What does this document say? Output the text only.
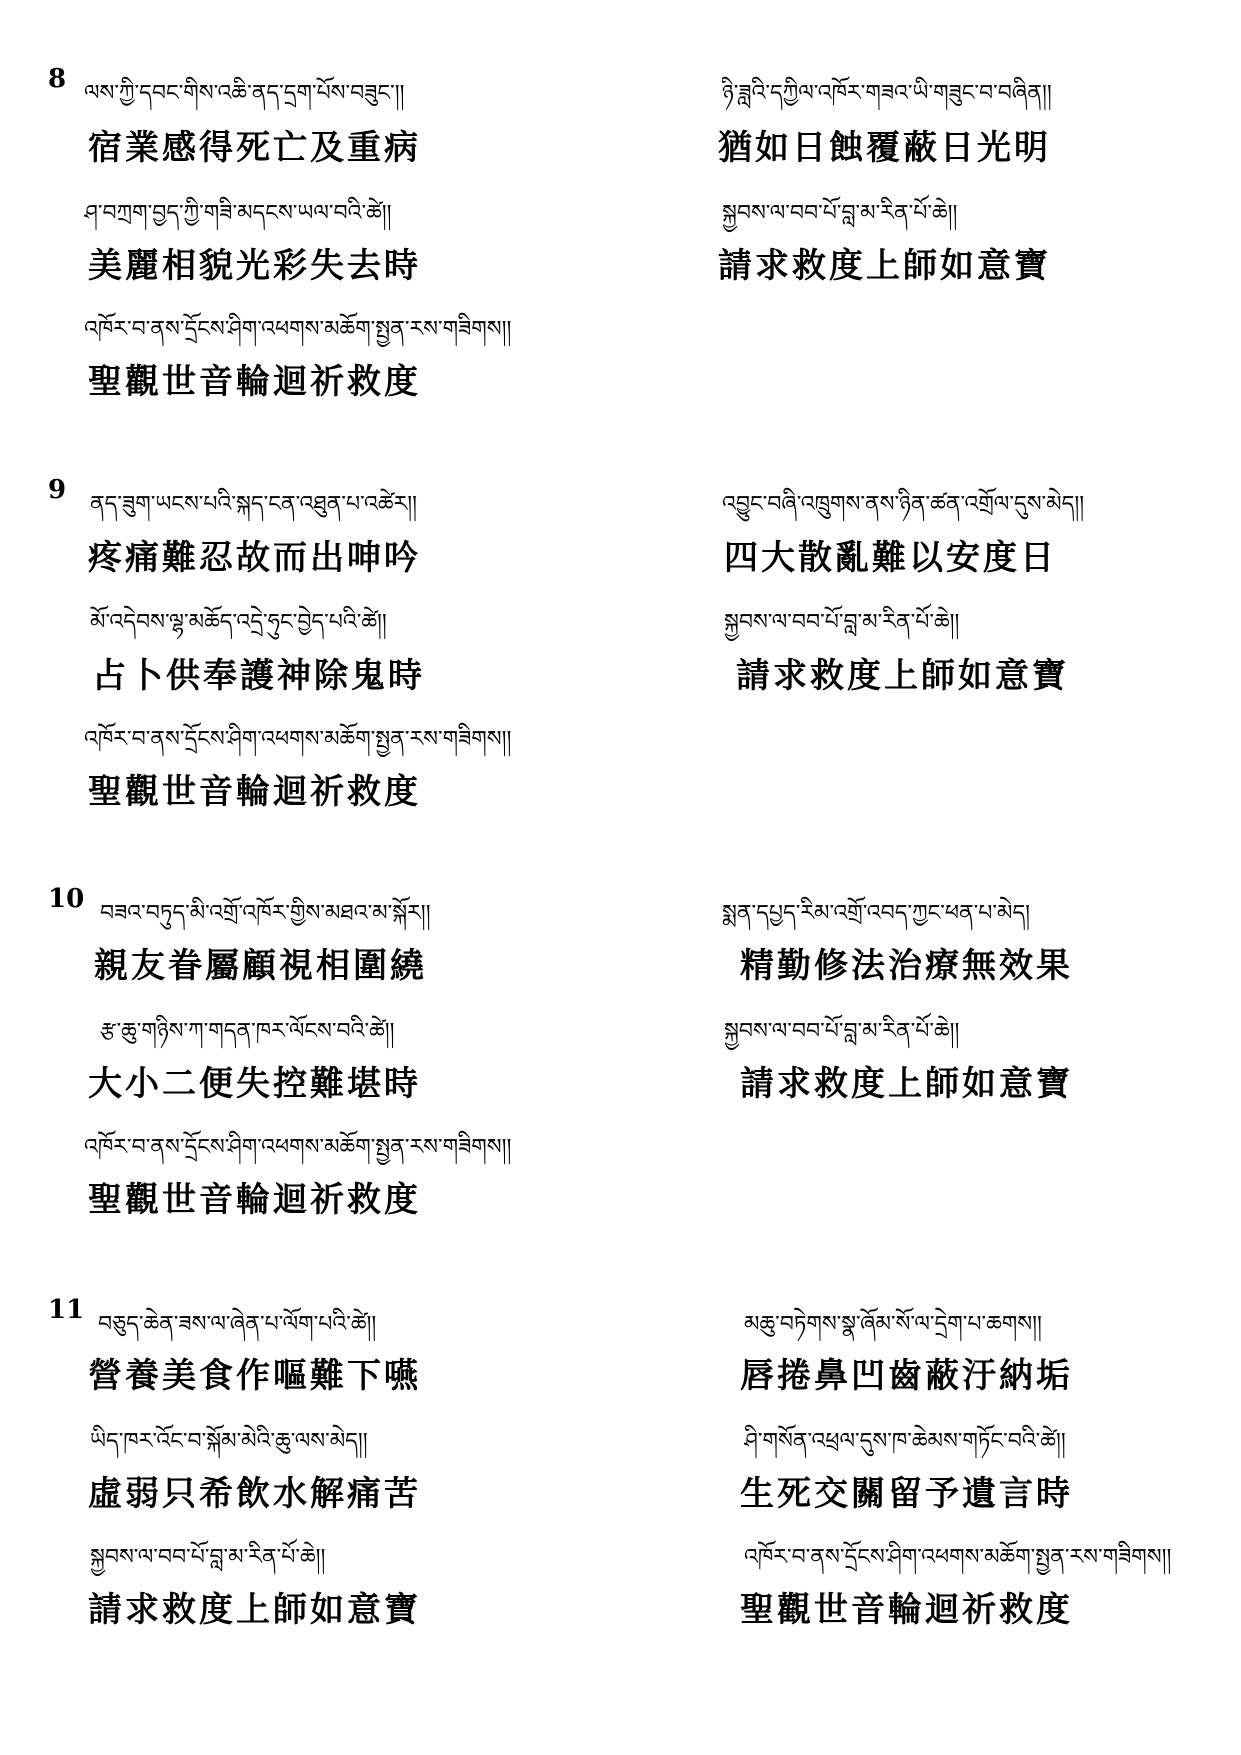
8 ལས་ཀྱི་དབང་གིས་འཆི་ནད་དྲག་པོས་བཟུང་།།
宿業感得死亡及重病
ཤ་བཀྲག་བྱད་ཀྱི་གཟི་མདངས་ཡལ་བའི་ཚེ།།
美麗相貌光彩失去時
འཁོར་བ་ནས་དྲོངས་ཤིག་འཕགས་མཆོག་སྤྱན་རས་གཟིགས།།
聖觀世音輪迴祈救度
ཉི་ཟླའི་དཀྱིལ་འཁོར་གཟའ་ཡི་གཟུང་བ་བཞིན།།
猶如日蝕覆蔽日光明
སྐྱབས་ལ་བབ་པོ་བླ་མ་རིན་པོ་ཆེ།།
請求救度上師如意寶
9 ནད་ཟུག་ཡངས་པའི་སྐད་ངན་འཐུན་པ་འཚེར།།
疼痛難忍故而出呻吟
མོ་འདེབས་ལྷ་མཆོད་འདྲེ་ཧུང་བྱེད་པའི་ཚེ།།
占卜供奉護神除鬼時
འཁོར་བ་ནས་དྲོངས་ཤིག་འཕགས་མཆོག་སྤྱན་རས་གཟིགས།།
聖觀世音輪迴祈救度
འབྱུང་བཞི་འཁྲུགས་ནས་ཉིན་ཚན་འགྲོལ་དུས་མེད།།
四大散亂難以安度日
སྐྱབས་ལ་བབ་པོ་བླ་མ་རིན་པོ་ཆེ།།
請求救度上師如意寶
10 བཟའ་བཏུད་མི་འགྲོ་འཁོར་གྱིས་མཐའ་མ་སྐོར།།
親友眷屬顧視相圍繞
རྩ་ཆུ་གཉིས་ཀ་གདན་ཁར་ལོངས་བའི་ཚེ།།
大小二便失控難堪時
འཁོར་བ་ནས་དྲོངས་ཤིག་འཕགས་མཆོག་སྤྱན་རས་གཟིགས།།
聖觀世音輪迴祈救度
སྨན་དཔྱད་རིམ་འགྲོ་འབད་ཀྱང་ཕན་པ་མེད།
精勤修法治療無效果
སྐྱབས་ལ་བབ་པོ་བླ་མ་རིན་པོ་ཆེ།།
請求救度上師如意寶
11 བཅུད་ཆེན་ཟས་ལ་ཞེན་པ་ལོག་པའི་ཚེ།།
營養美食作嘔難下嚥
ཡིད་ཁར་འོང་བ་སྐོམ་མེའི་ཆུ་ལས་མེད།།
虛弱只希飲水解痛苦
སྐྱབས་ལ་བབ་པོ་བླ་མ་རིན་པོ་ཆེ།།
請求救度上師如意寶
མཆུ་བཏེགས་སྣ་ཞོམ་སོ་ལ་དྲེག་པ་ཆགས།།
唇捲鼻凹齒蔽汙納垢
ཤི་གསོན་འཕྲལ་དུས་ཁ་ཆེམས་གཏོང་བའི་ཚེ།།
生死交關留予遺言時
འཁོར་བ་ནས་དྲོངས་ཤིག་འཕགས་མཆོག་སྤྱན་རས་གཟིགས།།
聖觀世音輪迴祈救度
